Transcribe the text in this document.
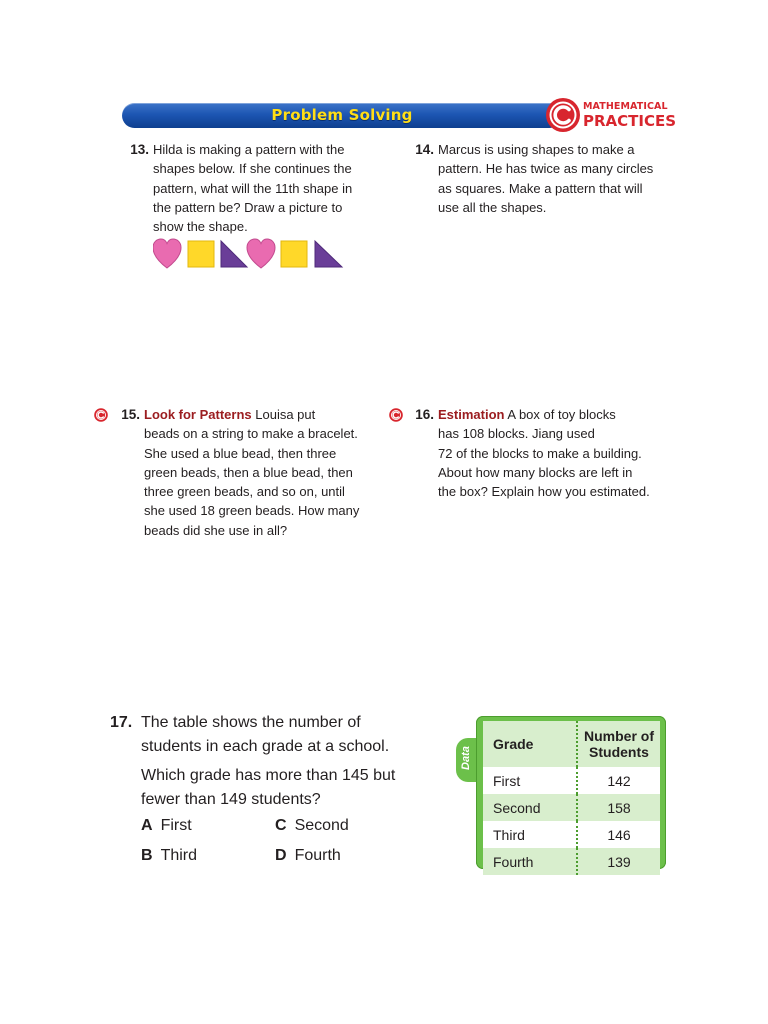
Problem Solving	MATHEMATICAL
PRACTICES
13. Hilda is making a pattern with the
shapes below. If she continues the
pattern, what will the 11th shape in
the pattern be? Draw a picture to
show the shape.
14. Marcus is using shapes to make a
pattern. He has twice as many circles
as squares. Make a pattern that will
use all the shapes.
15. Look for Patterns Louisa put
beads on a string to make a bracelet.
She used a blue bead, then three
green beads, then a blue bead, then
three green beads, and so on, until
she used 18 green beads. How many
beads did she use in all?
16. Estimation A box of toy blocks
has 108 blocks. Jiang used
72 of the blocks to make a building.
About how many blocks are left in
the box? Explain how you estimated.
17. The table shows the number of
students in each grade at a school.
Which grade has more than 145 but
fewer than 149 students?
A First	C Second
B Third	D Fourth
Data
Grade	Number of Students
First	142
Second	158
Third	146
Fourth	139
